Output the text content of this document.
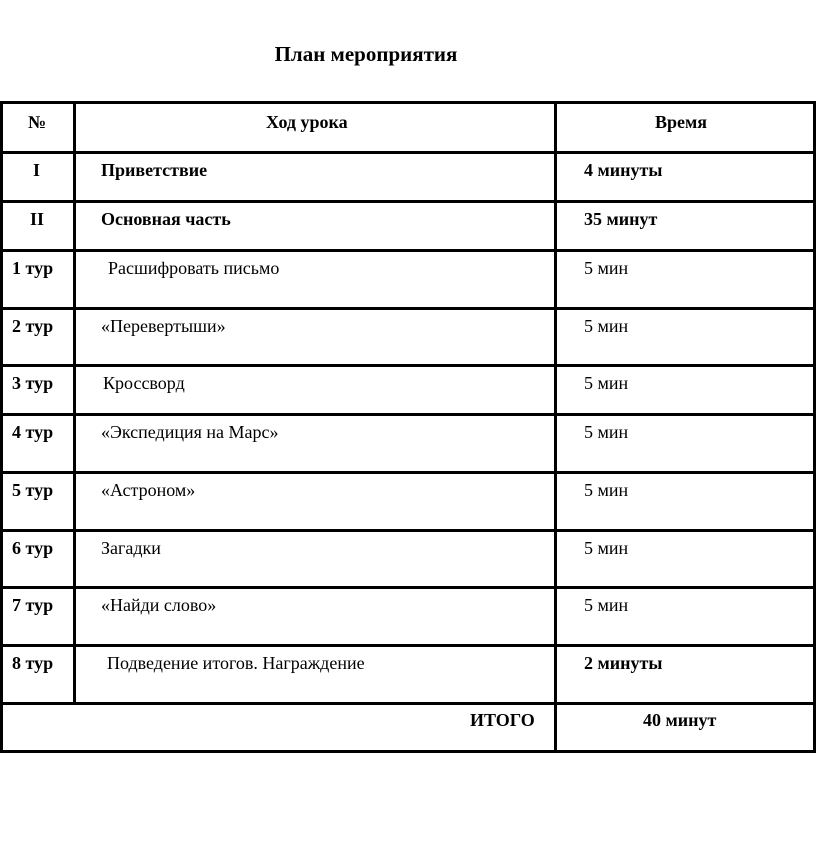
План мероприятия
№	Ход урока	Время
I	Приветствие	4 минуты
II	Основная часть	35 минут
1 тур	Расшифровать письмо	5 мин
2 тур	«Перевертыши»	5 мин
3 тур	Кроссворд	5 мин
4 тур	«Экспедиция на Марс»	5 мин
5 тур	«Астроном»	5 мин
6 тур	Загадки	5 мин
7 тур	«Найди слово»	5 мин
8 тур	Подведение итогов. Награждение	2 минуты
ИТОГО	40 минут
